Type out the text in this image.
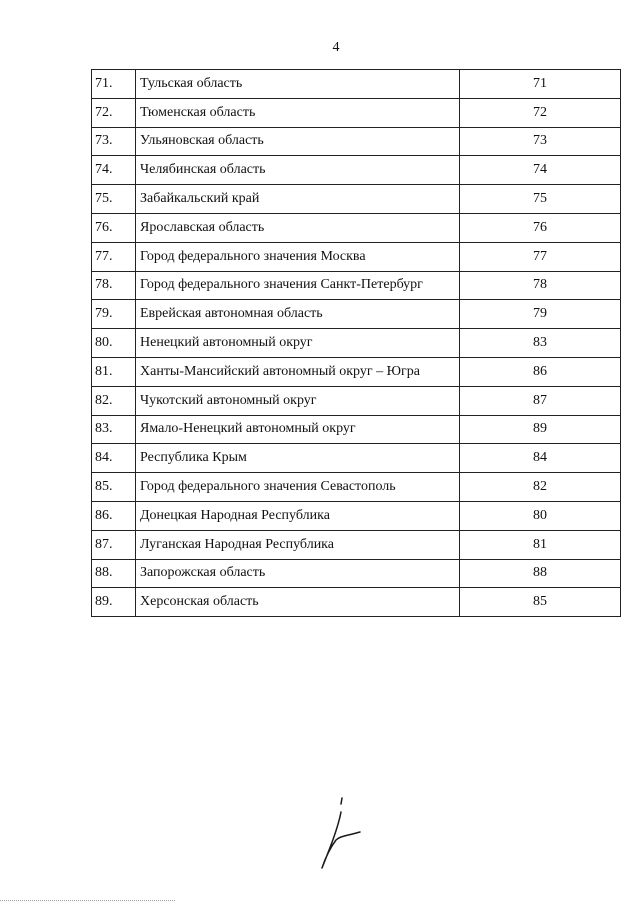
4
71.	Тульская область	71
72.	Тюменская область	72
73.	Ульяновская область	73
74.	Челябинская область	74
75.	Забайкальский край	75
76.	Ярославская область	76
77.	Город федерального значения Москва	77
78.	Город федерального значения Санкт-Петербург	78
79.	Еврейская автономная область	79
80.	Ненецкий автономный округ	83
81.	Ханты-Мансийский автономный округ – Югра	86
82.	Чукотский автономный округ	87
83.	Ямало-Ненецкий автономный округ	89
84.	Республика Крым	84
85.	Город федерального значения Севастополь	82
86.	Донецкая Народная Республика	80
87.	Луганская Народная Республика	81
88.	Запорожская область	88
89.	Херсонская область	85
